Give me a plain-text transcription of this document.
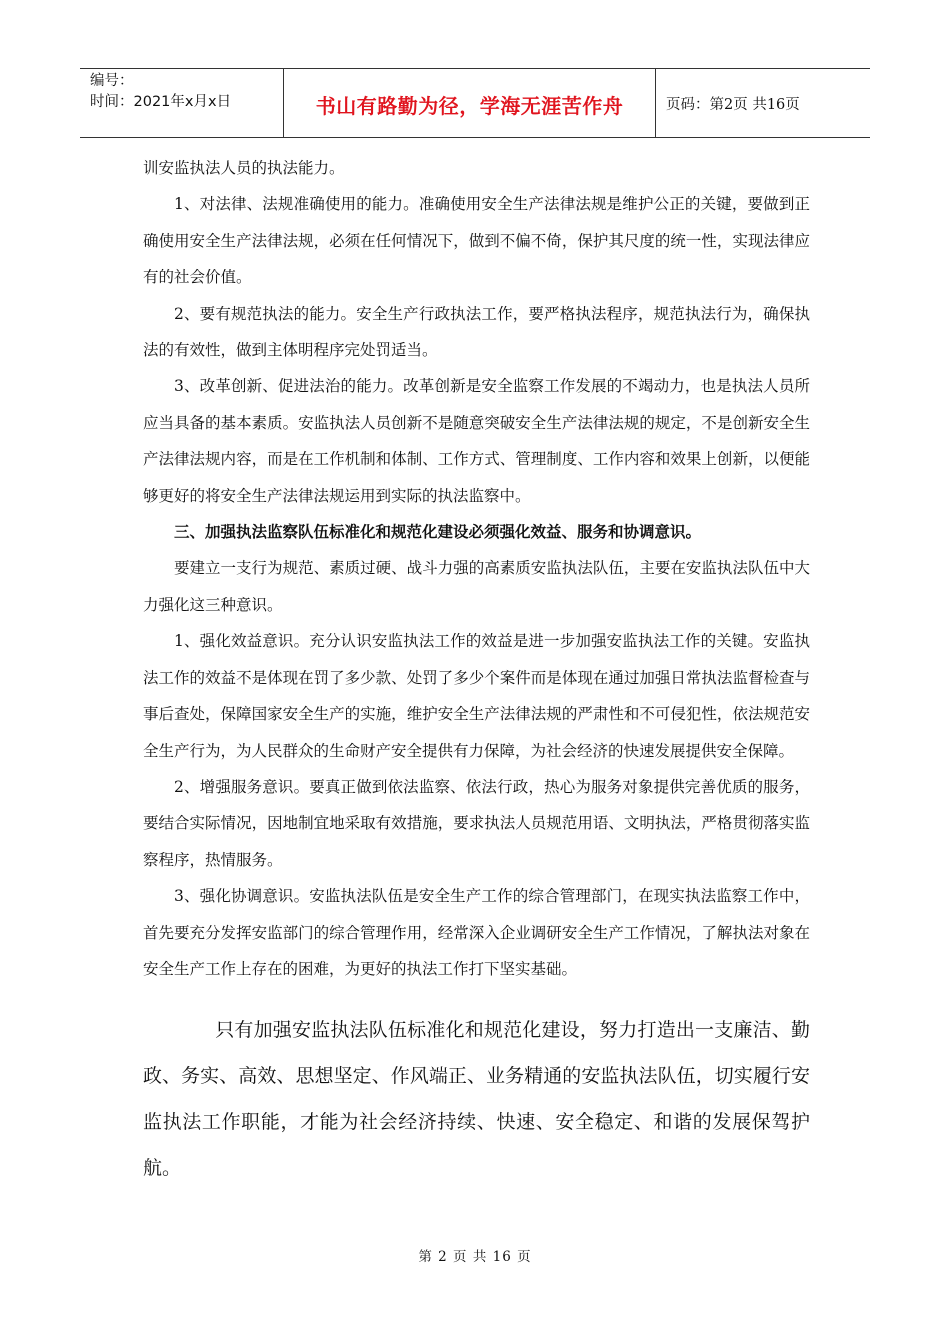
编号：
时间：2021年x月x日	书山有路勤为径，学海无涯苦作舟	页码：第2页 共16页

训安监执法人员的执法能力。

1、对法律、法规准确使用的能力。准确使用安全生产法律法规是维护公正的关键，要做到正确使用安全生产法律法规，必须在任何情况下，做到不偏不倚，保护其尺度的统一性，实现法律应有的社会价值。

2、要有规范执法的能力。安全生产行政执法工作，要严格执法程序，规范执法行为，确保执法的有效性，做到主体明程序完处罚适当。

3、改革创新、促进法治的能力。改革创新是安全监察工作发展的不竭动力，也是执法人员所应当具备的基本素质。安监执法人员创新不是随意突破安全生产法律法规的规定，不是创新安全生产法律法规内容，而是在工作机制和体制、工作方式、管理制度、工作内容和效果上创新，以便能够更好的将安全生产法律法规运用到实际的执法监察中。

三、加强执法监察队伍标准化和规范化建设必须强化效益、服务和协调意识。

要建立一支行为规范、素质过硬、战斗力强的高素质安监执法队伍，主要在安监执法队伍中大力强化这三种意识。

1、强化效益意识。充分认识安监执法工作的效益是进一步加强安监执法工作的关键。安监执法工作的效益不是体现在罚了多少款、处罚了多少个案件而是体现在通过加强日常执法监督检查与事后查处，保障国家安全生产的实施，维护安全生产法律法规的严肃性和不可侵犯性，依法规范安全生产行为，为人民群众的生命财产安全提供有力保障，为社会经济的快速发展提供安全保障。

2、增强服务意识。要真正做到依法监察、依法行政，热心为服务对象提供完善优质的服务，要结合实际情况，因地制宜地采取有效措施，要求执法人员规范用语、文明执法，严格贯彻落实监察程序，热情服务。

3、强化协调意识。安监执法队伍是安全生产工作的综合管理部门，在现实执法监察工作中，首先要充分发挥安监部门的综合管理作用，经常深入企业调研安全生产工作情况，了解执法对象在安全生产工作上存在的困难，为更好的执法工作打下坚实基础。

只有加强安监执法队伍标准化和规范化建设，努力打造出一支廉洁、勤政、务实、高效、思想坚定、作风端正、业务精通的安监执法队伍，切实履行安监执法工作职能，才能为社会经济持续、快速、安全稳定、和谐的发展保驾护航。

第 2 页 共 16 页
